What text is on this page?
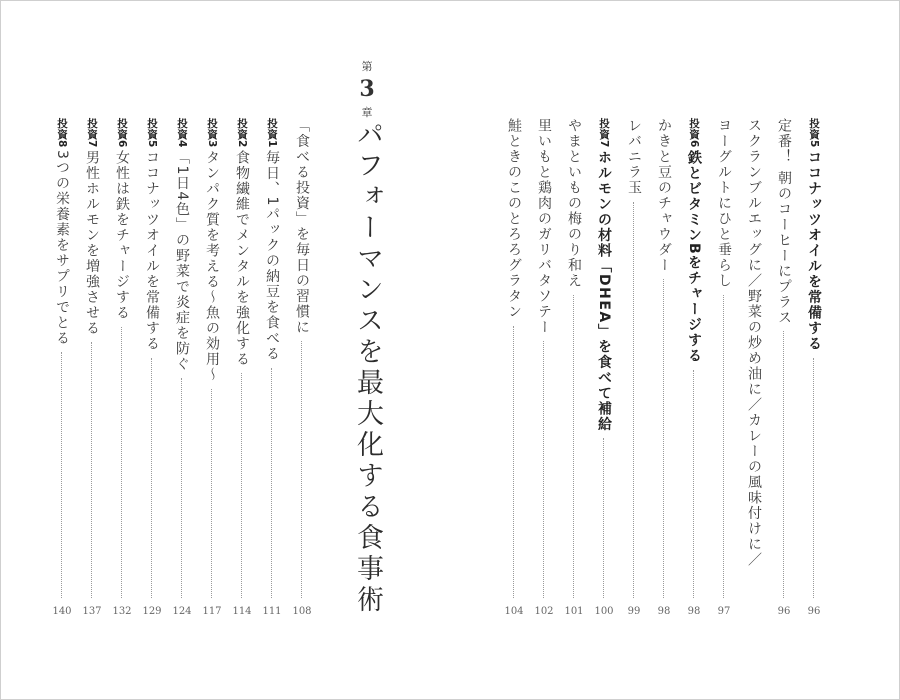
第
3
章
パフォーマンスを最大化する食事術
「食べる投資」を毎日の習慣に
108
投資1
毎日、1パックの納豆を食べる
111
投資2
食物繊維でメンタルを強化する
114
投資3
タンパク質を考える〜魚の効用〜
117
投資4
「1日4色」の野菜で炎症を防ぐ
124
投資5
ココナッツオイルを常備する
129
投資6
女性は鉄をチャージする
132
投資7
男性ホルモンを増強させる
137
投資8
3つの栄養素をサプリでとる
140
投資5
ココナッツオイルを常備する
96
定番！ 朝のコーヒーにプラス
96
スクランブルエッグに／野菜の炒め油に／カレーの風味付けに／
ヨーグルトにひと垂らし
97
投資6
鉄とビタミンBをチャージする
98
かきと豆のチャウダー
98
レバニラ玉
99
投資7
ホルモンの材料「DHEA」を食べて補給
100
やまといもの梅のり和え
101
里いもと鶏肉のガリバタソテー
102
鮭ときのこのとろろグラタン
104
